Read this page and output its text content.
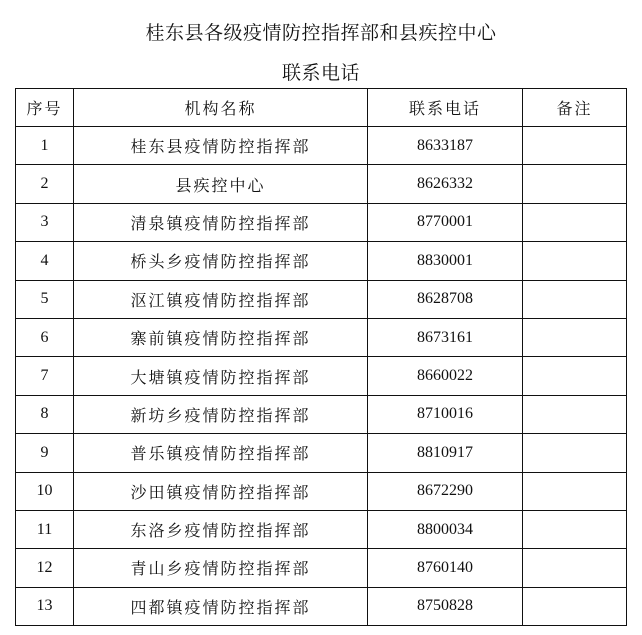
桂东县各级疫情防控指挥部和县疾控中心
联系电话
序号	机构名称	联系电话	备注
1	桂东县疫情防控指挥部	8633187	
2	县疾控中心	8626332	
3	清泉镇疫情防控指挥部	8770001	
4	桥头乡疫情防控指挥部	8830001	
5	沤江镇疫情防控指挥部	8628708	
6	寨前镇疫情防控指挥部	8673161	
7	大塘镇疫情防控指挥部	8660022	
8	新坊乡疫情防控指挥部	8710016	
9	普乐镇疫情防控指挥部	8810917	
10	沙田镇疫情防控指挥部	8672290	
11	东洛乡疫情防控指挥部	8800034	
12	青山乡疫情防控指挥部	8760140	
13	四都镇疫情防控指挥部	8750828	
